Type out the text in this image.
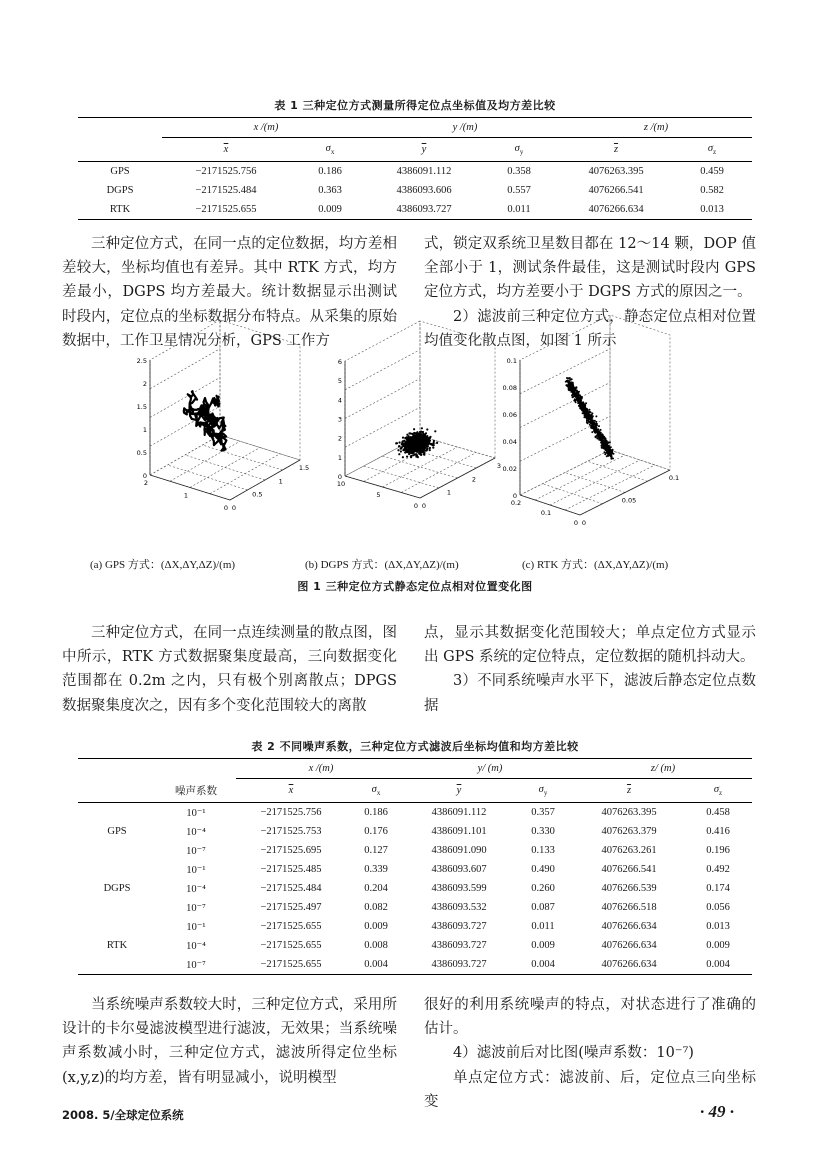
表 1 三种定位方式测量所得定位点坐标值及均方差比较
	x /(m)		y /(m)		z /(m)	
	$\overline{x}$	$\sigma_x$	$\overline{y}$	$\sigma_y$	$\overline{z}$	$\sigma_z$
GPS	−2171525.756	0.186	4386091.112	0.358	4076263.395	0.459
DGPS	−2171525.484	0.363	4386093.606	0.557	4076266.541	0.582
RTK	−2171525.655	0.009	4386093.727	0.011	4076266.634	0.013
三种定位方式，在同一点的定位数据，均方差相差较大，坐标均值也有差异。其中 RTK 方式，均方差最小，DGPS 均方差最大。统计数据显示出测试时段内，定位点的坐标数据分布特点。从采集的原始数据中，工作卫星情况分析，GPS 工作方

式，锁定双系统卫星数目都在 12～14 颗，DOP 值全部小于 1，测试条件最佳，这是测试时段内 GPS 定位方式，均方差要小于 DGPS 方式的原因之一。

2）滤波前三种定位方式，静态定位点相对位置均值变化散点图，如图 1 所示

0
0.5
1
1.5
2
2.5
0
1
2
0
0.5
1
1.5
0
1
2
3
4
5
6
0
5
10
0
1
2
3
0
0.02
0.04
0.06
0.08
0.1
0
0.1
0.2
0
0.05
0.1
(a) GPS 方式：(ΔX,ΔY,ΔZ)/(m)	(b) DGPS 方式：(ΔX,ΔY,ΔZ)/(m)	(c) RTK 方式：(ΔX,ΔY,ΔZ)/(m)
图 1 三种定位方式静态定位点相对位置变化图
三种定位方式，在同一点连续测量的散点图，图中所示，RTK 方式数据聚集度最高，三向数据变化范围都在 0.2m 之内，只有极个别离散点；DPGS 数据聚集度次之，因有多个变化范围较大的离散

点，显示其数据变化范围较大；单点定位方式显示出 GPS 系统的定位特点，定位数据的随机抖动大。

3）不同系统噪声水平下，滤波后静态定位点数据

表 2 不同噪声系数，三种定位方式滤波后坐标均值和均方差比较
		x /(m)		y/ (m)		z/ (m)	
	噪声系数	$\overline{x}$	$\sigma_x$	$\overline{y}$	$\sigma_y$	$\overline{z}$	$\sigma_z$
GPS	10⁻¹	−2171525.756	0.186	4386091.112	0.357	4076263.395	0.458
	10⁻⁴	−2171525.753	0.176	4386091.101	0.330	4076263.379	0.416
	10⁻⁷	−2171525.695	0.127	4386091.090	0.133	4076263.261	0.196
DGPS	10⁻¹	−2171525.485	0.339	4386093.607	0.490	4076266.541	0.492
	10⁻⁴	−2171525.484	0.204	4386093.599	0.260	4076266.539	0.174
	10⁻⁷	−2171525.497	0.082	4386093.532	0.087	4076266.518	0.056
RTK	10⁻¹	−2171525.655	0.009	4386093.727	0.011	4076266.634	0.013
	10⁻⁴	−2171525.655	0.008	4386093.727	0.009	4076266.634	0.009
	10⁻⁷	−2171525.655	0.004	4386093.727	0.004	4076266.634	0.004
当系统噪声系数较大时，三种定位方式，采用所设计的卡尔曼滤波模型进行滤波，无效果；当系统噪声系数减小时，三种定位方式，滤波所得定位坐标(x,y,z)的均方差，皆有明显减小，说明模型

很好的利用系统噪声的特点，对状态进行了准确的估计。

4）滤波前后对比图(噪声系数：10⁻⁷)

单点定位方式：滤波前、后，定位点三向坐标变

2008. 5/全球定位系统	· 49 ·
